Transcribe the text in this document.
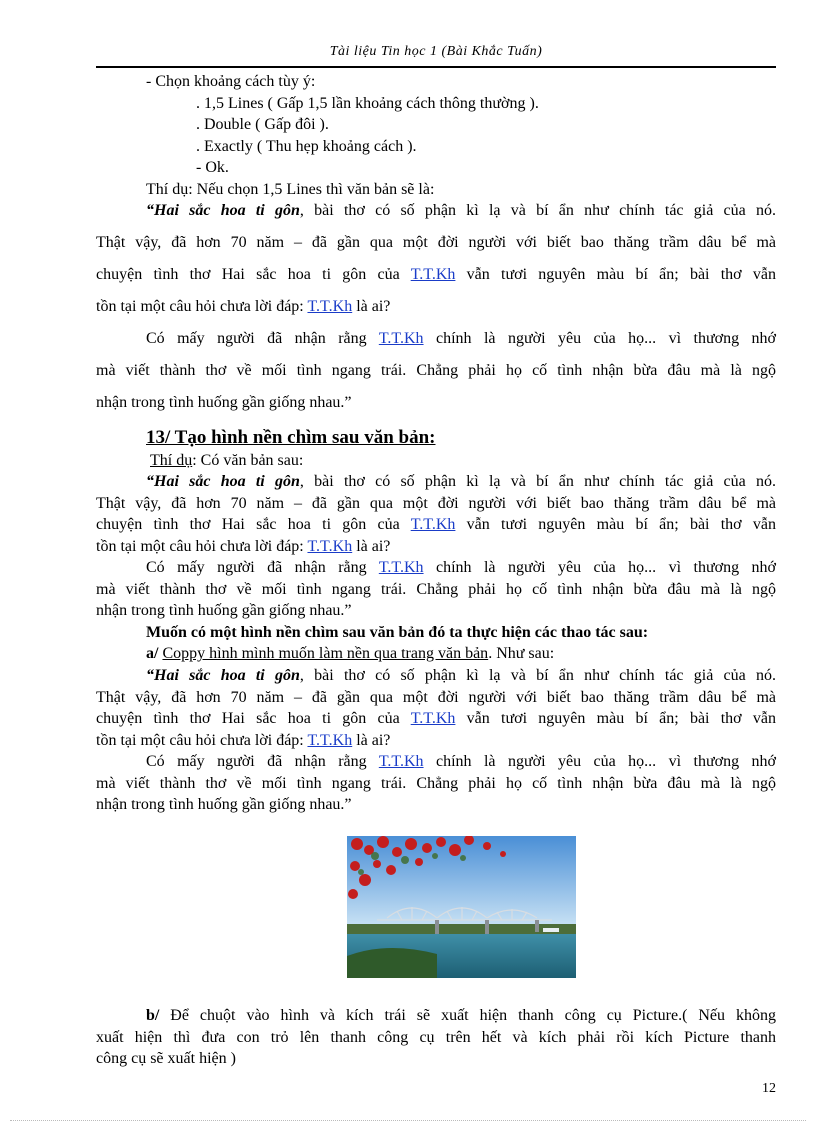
Tài liệu Tin học 1 (Bài Khắc Tuấn)
- Chọn khoảng cách tùy ý:
. 1,5 Lines ( Gấp 1,5 lần khoảng cách thông thường ).
. Double ( Gấp đôi ).
. Exactly ( Thu hẹp khoảng cách ).
- Ok.
Thí dụ: Nếu chọn 1,5 Lines thì văn bản sẽ là:
“Hai sắc hoa ti gôn, bài thơ có số phận kì lạ và bí ẩn như chính tác giả của nó.
Thật vậy, đã hơn 70 năm – đã gần qua một đời người với biết bao thăng trầm dâu bể mà
chuyện tình thơ Hai sắc hoa ti gôn của T.T.Kh vẫn tươi nguyên màu bí ẩn; bài thơ vẫn
tồn tại một câu hỏi chưa lời đáp: T.T.Kh là ai?
Có mấy người đã nhận rằng T.T.Kh chính là người yêu của họ... vì thương nhớ
mà viết thành thơ về mối tình ngang trái. Chẳng phải họ cố tình nhận bừa đâu mà là ngộ
nhận trong tình huống gần giống nhau.”
13/ Tạo hình nền chìm sau văn bản:
Thí dụ: Có văn bản sau:
“Hai sắc hoa ti gôn, bài thơ có số phận kì lạ và bí ẩn như chính tác giả của nó.
Thật vậy, đã hơn 70 năm – đã gần qua một đời người với biết bao thăng trầm dâu bể mà
chuyện tình thơ Hai sắc hoa ti gôn của T.T.Kh vẫn tươi nguyên màu bí ẩn; bài thơ vẫn
tồn tại một câu hỏi chưa lời đáp: T.T.Kh là ai?
Có mấy người đã nhận rằng T.T.Kh chính là người yêu của họ... vì thương nhớ
mà viết thành thơ về mối tình ngang trái. Chẳng phải họ cố tình nhận bừa đâu mà là ngộ
nhận trong tình huống gần giống nhau.”
Muốn có một hình nền chìm sau văn bản đó ta thực hiện các thao tác sau:
a/ Coppy hình mình muốn làm nền qua trang văn bản. Như sau:
“Hai sắc hoa ti gôn, bài thơ có số phận kì lạ và bí ẩn như chính tác giả của nó.
Thật vậy, đã hơn 70 năm – đã gần qua một đời người với biết bao thăng trầm dâu bể mà
chuyện tình thơ Hai sắc hoa ti gôn của T.T.Kh vẫn tươi nguyên màu bí ẩn; bài thơ vẫn
tồn tại một câu hỏi chưa lời đáp: T.T.Kh là ai?
Có mấy người đã nhận rằng T.T.Kh chính là người yêu của họ... vì thương nhớ
mà viết thành thơ về mối tình ngang trái. Chẳng phải họ cố tình nhận bừa đâu mà là ngộ
nhận trong tình huống gần giống nhau.”
b/ Để chuột vào hình và kích trái sẽ xuất hiện thanh công cụ Picture.( Nếu không
xuất hiện thì đưa con trỏ lên thanh công cụ trên hết và kích phải rồi kích Picture thanh
công cụ sẽ xuất hiện )
12
